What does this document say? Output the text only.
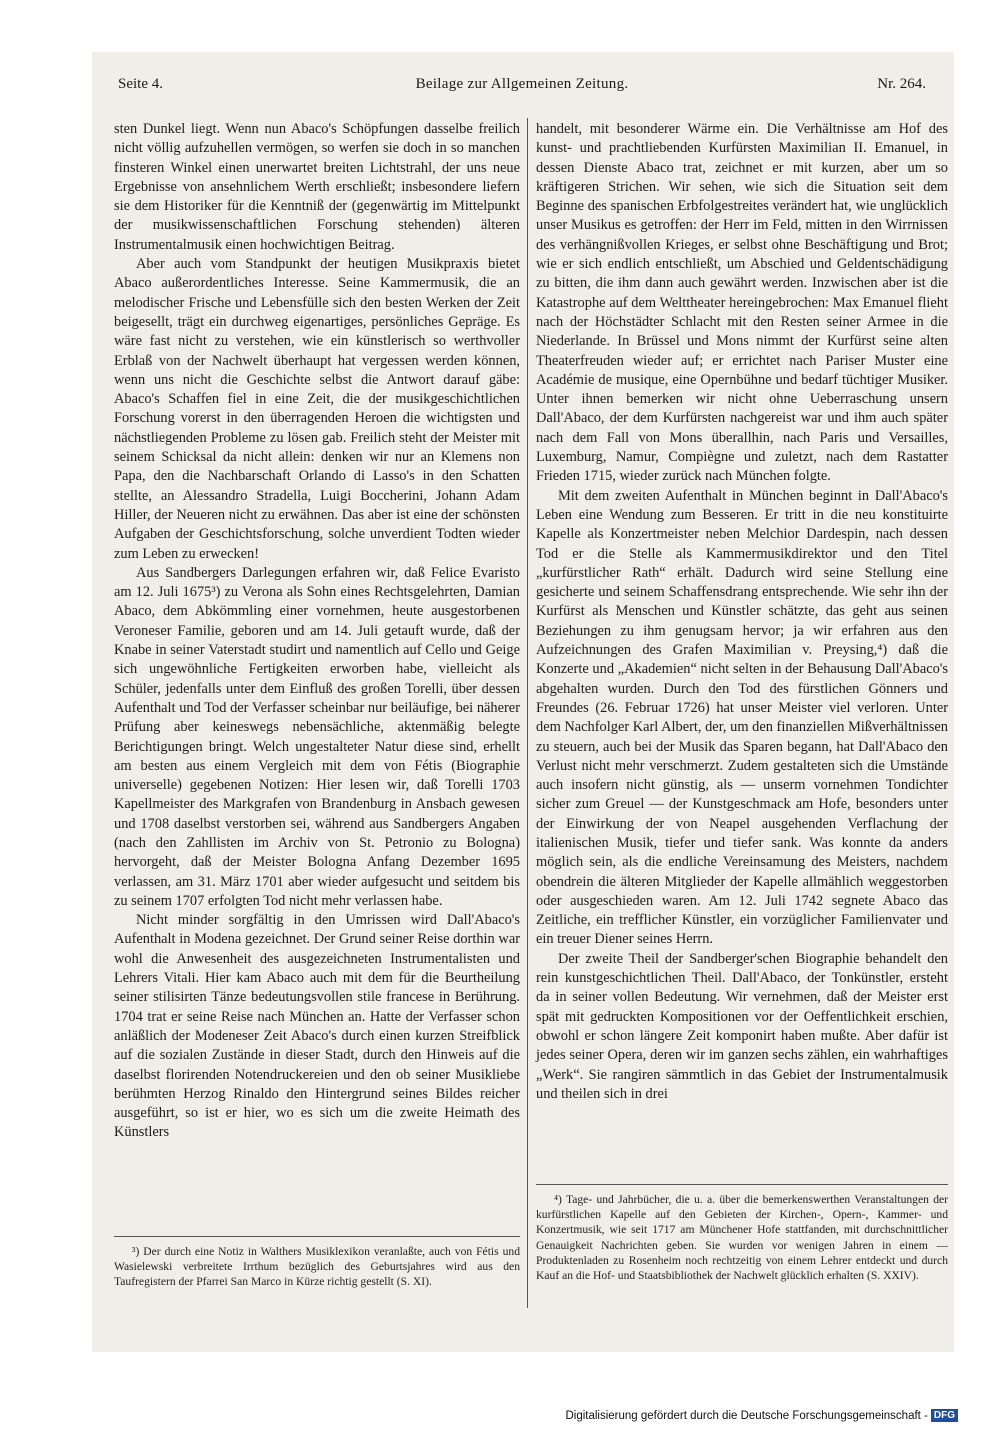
Beilage zur Allgemeinen Zeitung.
Seite 4.	Nr. 264.

sten Dunkel liegt. Wenn nun Abaco's Schöpfungen dasselbe freilich nicht völlig aufzuhellen vermögen, so werfen sie doch in so manchen finsteren Winkel einen unerwartet breiten Lichtstrahl, der uns neue Ergebnisse von ansehnlichem Werth erschließt; insbesondere liefern sie dem Historiker für die Kenntniß der (gegenwärtig im Mittelpunkt der musikwissenschaftlichen Forschung stehenden) älteren Instrumentalmusik einen hochwichtigen Beitrag.

Aber auch vom Standpunkt der heutigen Musikpraxis bietet Abaco außerordentliches Interesse. Seine Kammermusik, die an melodischer Frische und Lebensfülle sich den besten Werken der Zeit beigesellt, trägt ein durchweg eigenartiges, persönliches Gepräge. Es wäre fast nicht zu verstehen, wie ein künstlerisch so werthvoller Erblaß von der Nachwelt überhaupt hat vergessen werden können, wenn uns nicht die Geschichte selbst die Antwort darauf gäbe: Abaco's Schaffen fiel in eine Zeit, die der musikgeschichtlichen Forschung vorerst in den überragenden Heroen die wichtigsten und nächstliegenden Probleme zu lösen gab. Freilich steht der Meister mit seinem Schicksal da nicht allein: denken wir nur an Klemens non Papa, den die Nachbarschaft Orlando di Lasso's in den Schatten stellte, an Alessandro Stradella, Luigi Boccherini, Johann Adam Hiller, der Neueren nicht zu erwähnen. Das aber ist eine der schönsten Aufgaben der Geschichtsforschung, solche unverdient Todten wieder zum Leben zu erwecken!

Aus Sandbergers Darlegungen erfahren wir, daß Felice Evaristo am 12. Juli 1675³) zu Verona als Sohn eines Rechtsgelehrten, Damian Abaco, dem Abkömmling einer vornehmen, heute ausgestorbenen Veroneser Familie, geboren und am 14. Juli getauft wurde, daß der Knabe in seiner Vaterstadt studirt und namentlich auf Cello und Geige sich ungewöhnliche Fertigkeiten erworben habe, vielleicht als Schüler, jedenfalls unter dem Einfluß des großen Torelli, über dessen Aufenthalt und Tod der Verfasser scheinbar nur beiläufige, bei näherer Prüfung aber keineswegs nebensächliche, aktenmäßig belegte Berichtigungen bringt. Welch ungestalteter Natur diese sind, erhellt am besten aus einem Vergleich mit dem von Fétis (Biographie universelle) gegebenen Notizen: Hier lesen wir, daß Torelli 1703 Kapellmeister des Markgrafen von Brandenburg in Ansbach gewesen und 1708 daselbst verstorben sei, während aus Sandbergers Angaben (nach den Zahllisten im Archiv von St. Petronio zu Bologna) hervorgeht, daß der Meister Bologna Anfang Dezember 1695 verlassen, am 31. März 1701 aber wieder aufgesucht und seitdem bis zu seinem 1707 erfolgten Tod nicht mehr verlassen habe.

Nicht minder sorgfältig in den Umrissen wird Dall'Abaco's Aufenthalt in Modena gezeichnet. Der Grund seiner Reise dorthin war wohl die Anwesenheit des ausgezeichneten Instrumentalisten und Lehrers Vitali. Hier kam Abaco auch mit dem für die Beurtheilung seiner stilisirten Tänze bedeutungsvollen stile francese in Berührung. 1704 trat er seine Reise nach München an. Hatte der Verfasser schon anläßlich der Modeneser Zeit Abaco's durch einen kurzen Streifblick auf die sozialen Zustände in dieser Stadt, durch den Hinweis auf die daselbst florirenden Notendruckereien und den ob seiner Musikliebe berühmten Herzog Rinaldo den Hintergrund seines Bildes reicher ausgeführt, so ist er hier, wo es sich um die zweite Heimath des Künstlers

handelt, mit besonderer Wärme ein. Die Verhältnisse am Hof des kunst- und prachtliebenden Kurfürsten Maximilian II. Emanuel, in dessen Dienste Abaco trat, zeichnet er mit kurzen, aber um so kräftigeren Strichen. Wir sehen, wie sich die Situation seit dem Beginne des spanischen Erbfolgestreites verändert hat, wie unglücklich unser Musikus es getroffen: der Herr im Feld, mitten in den Wirrnissen des verhängnißvollen Krieges, er selbst ohne Beschäftigung und Brot; wie er sich endlich entschließt, um Abschied und Geldentschädigung zu bitten, die ihm dann auch gewährt werden. Inzwischen aber ist die Katastrophe auf dem Welttheater hereingebrochen: Max Emanuel flieht nach der Höchstädter Schlacht mit den Resten seiner Armee in die Niederlande. In Brüssel und Mons nimmt der Kurfürst seine alten Theaterfreuden wieder auf; er errichtet nach Pariser Muster eine Académie de musique, eine Opernbühne und bedarf tüchtiger Musiker. Unter ihnen bemerken wir nicht ohne Ueberraschung unsern Dall'Abaco, der dem Kurfürsten nachgereist war und ihm auch später nach dem Fall von Mons überallhin, nach Paris und Versailles, Luxemburg, Namur, Compiègne und zuletzt, nach dem Rastatter Frieden 1715, wieder zurück nach München folgte.

Mit dem zweiten Aufenthalt in München beginnt in Dall'Abaco's Leben eine Wendung zum Besseren. Er tritt in die neu konstituirte Kapelle als Konzertmeister neben Melchior Dardespin, nach dessen Tod er die Stelle als Kammermusikdirektor und den Titel „kurfürstlicher Rath“ erhält. Dadurch wird seine Stellung eine gesicherte und seinem Schaffensdrang entsprechende. Wie sehr ihn der Kurfürst als Menschen und Künstler schätzte, das geht aus seinen Beziehungen zu ihm genugsam hervor; ja wir erfahren aus den Aufzeichnungen des Grafen Maximilian v. Preysing,⁴) daß die Konzerte und „Akademien“ nicht selten in der Behausung Dall'Abaco's abgehalten wurden. Durch den Tod des fürstlichen Gönners und Freundes (26. Februar 1726) hat unser Meister viel verloren. Unter dem Nachfolger Karl Albert, der, um den finanziellen Mißverhältnissen zu steuern, auch bei der Musik das Sparen begann, hat Dall'Abaco den Verlust nicht mehr verschmerzt. Zudem gestalteten sich die Umstände auch insofern nicht günstig, als — unserm vornehmen Tondichter sicher zum Greuel — der Kunstgeschmack am Hofe, besonders unter der Einwirkung der von Neapel ausgehenden Verflachung der italienischen Musik, tiefer und tiefer sank. Was konnte da anders möglich sein, als die endliche Vereinsamung des Meisters, nachdem obendrein die älteren Mitglieder der Kapelle allmählich weggestorben oder ausgeschieden waren. Am 12. Juli 1742 segnete Abaco das Zeitliche, ein trefflicher Künstler, ein vorzüglicher Familienvater und ein treuer Diener seines Herrn.

Der zweite Theil der Sandberger'schen Biographie behandelt den rein kunstgeschichtlichen Theil. Dall'Abaco, der Tonkünstler, ersteht da in seiner vollen Bedeutung. Wir vernehmen, daß der Meister erst spät mit gedruckten Kompositionen vor der Oeffentlichkeit erschien, obwohl er schon längere Zeit komponirt haben mußte. Aber dafür ist jedes seiner Opera, deren wir im ganzen sechs zählen, ein wahrhaftiges „Werk“. Sie rangiren sämmtlich in das Gebiet der Instrumentalmusik und theilen sich in drei

³) Der durch eine Notiz in Walthers Musiklexikon veranlaßte, auch von Fétis und Wasielewski verbreitete Irrthum bezüglich des Geburtsjahres wird aus den Taufregistern der Pfarrei San Marco in Kürze richtig gestellt (S. XI).

⁴) Tage- und Jahrbücher, die u. a. über die bemerkenswerthen Veranstaltungen der kurfürstlichen Kapelle auf den Gebieten der Kirchen-, Opern-, Kammer- und Konzertmusik, wie seit 1717 am Münchener Hofe stattfanden, mit durchschnittlicher Genauigkeit Nachrichten geben. Sie wurden vor wenigen Jahren in einem — Produktenladen zu Rosenheim noch rechtzeitig von einem Lehrer entdeckt und durch Kauf an die Hof- und Staatsbibliothek der Nachwelt glücklich erhalten (S. XXIV).

Digitalisierung gefördert durch die Deutsche Forschungsgemeinschaft - DFG
